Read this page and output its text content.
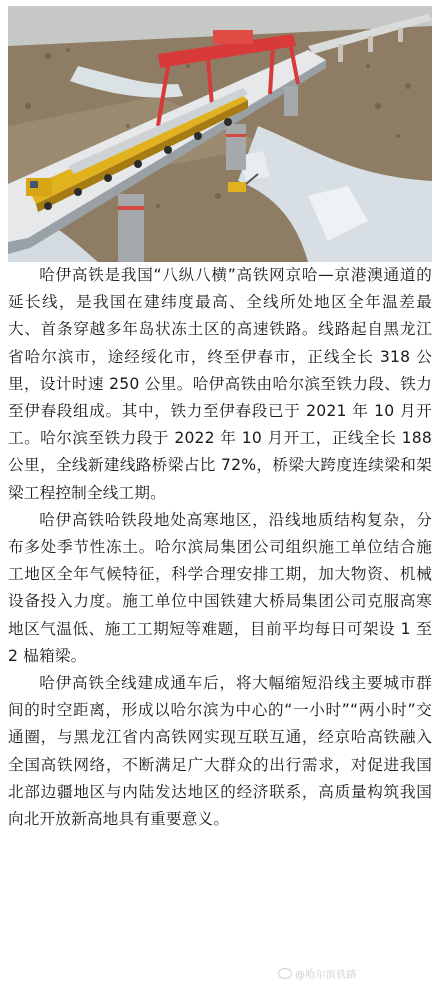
哈伊高铁是我国“八纵八横”高铁网京哈—京港澳通道的延长线，是我国在建纬度最高、全线所处地区全年温差最大、首条穿越多年岛状冻土区的高速铁路。线路起自黑龙江省哈尔滨市，途经绥化市，终至伊春市，正线全长 318 公里，设计时速 250 公里。哈伊高铁由哈尔滨至铁力段、铁力至伊春段组成。其中，铁力至伊春段已于 2021 年 10 月开工。哈尔滨至铁力段于 2022 年 10 月开工，正线全长 188 公里，全线新建线路桥梁占比 72%，桥梁大跨度连续梁和架梁工程控制全线工期。

哈伊高铁哈铁段地处高寒地区，沿线地质结构复杂，分布多处季节性冻土。哈尔滨局集团公司组织施工单位结合施工地区全年气候特征，科学合理安排工期，加大物资、机械设备投入力度。施工单位中国铁建大桥局集团公司克服高寒地区气温低、施工工期短等难题，目前平均每日可架设 1 至 2 榀箱梁。

哈伊高铁全线建成通车后，将大幅缩短沿线主要城市群间的时空距离，形成以哈尔滨为中心的“一小时”“两小时”交通圈，与黑龙江省内高铁网实现互联互通，经京哈高铁融入全国高铁网络，不断满足广大群众的出行需求，对促进我国北部边疆地区与内陆发达地区的经济联系，高质量构筑我国向北开放新高地具有重要意义。

@哈尔滨铁路
